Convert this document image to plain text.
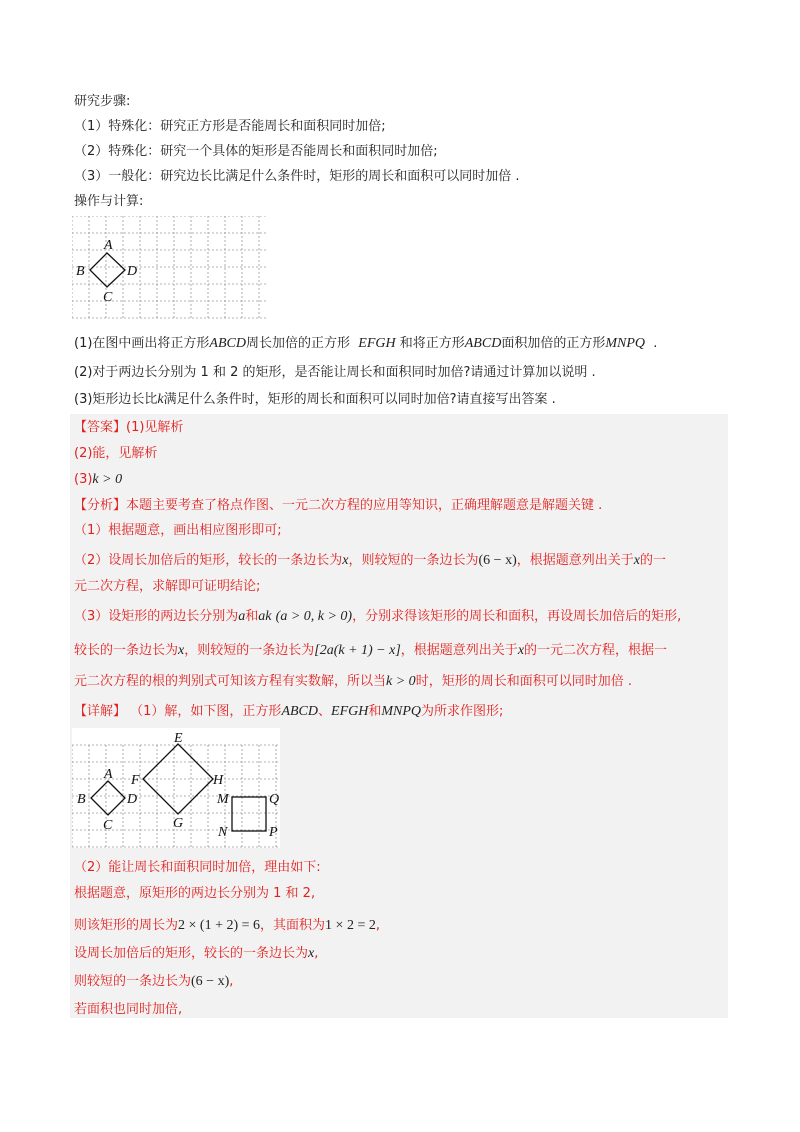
研究步骤:
（1）特殊化：研究正方形是否能周长和面积同时加倍;
（2）特殊化：研究一个具体的矩形是否能周长和面积同时加倍;
（3）一般化：研究边长比满足什么条件时，矩形的周长和面积可以同时加倍 .
操作与计算:
A
B
C
D
(1)在图中画出将正方形ABCD周长加倍的正方形 EFGH 和将正方形ABCD面积加倍的正方形MNPQ .
(2)对于两边长分别为 1 和 2 的矩形，是否能让周长和面积同时加倍?请通过计算加以说明 .
(3)矩形边长比k满足什么条件时，矩形的周长和面积可以同时加倍?请直接写出答案 .
【答案】(1)见解析
(2)能，见解析
(3)k > 0
【分析】本题主要考查了格点作图、一元二次方程的应用等知识，正确理解题意是解题关键 .
（1）根据题意，画出相应图形即可;
（2）设周长加倍后的矩形，较长的一条边长为x，则较短的一条边长为(6 − x)，根据题意列出关于x的一
元二次方程，求解即可证明结论;
（3）设矩形的两边长分别为a和ak (a > 0, k > 0)，分别求得该矩形的周长和面积，再设周长加倍后的矩形,
较长的一条边长为x，则较短的一条边长为[2a(k + 1) − x]，根据题意列出关于x的一元二次方程，根据一
元二次方程的根的判别式可知该方程有实数解，所以当k > 0时，矩形的周长和面积可以同时加倍 .
【详解】 （1）解，如下图，正方形ABCD、EFGH和MNPQ为所求作图形;
A
B
C
D
E
F
G
H
M
N	P
Q
（2）能让周长和面积同时加倍，理由如下:
根据题意，原矩形的两边长分别为 1 和 2,
则该矩形的周长为2 × (1 + 2) = 6，其面积为1 × 2 = 2,
设周长加倍后的矩形，较长的一条边长为x,
则较短的一条边长为(6 − x),
若面积也同时加倍,
